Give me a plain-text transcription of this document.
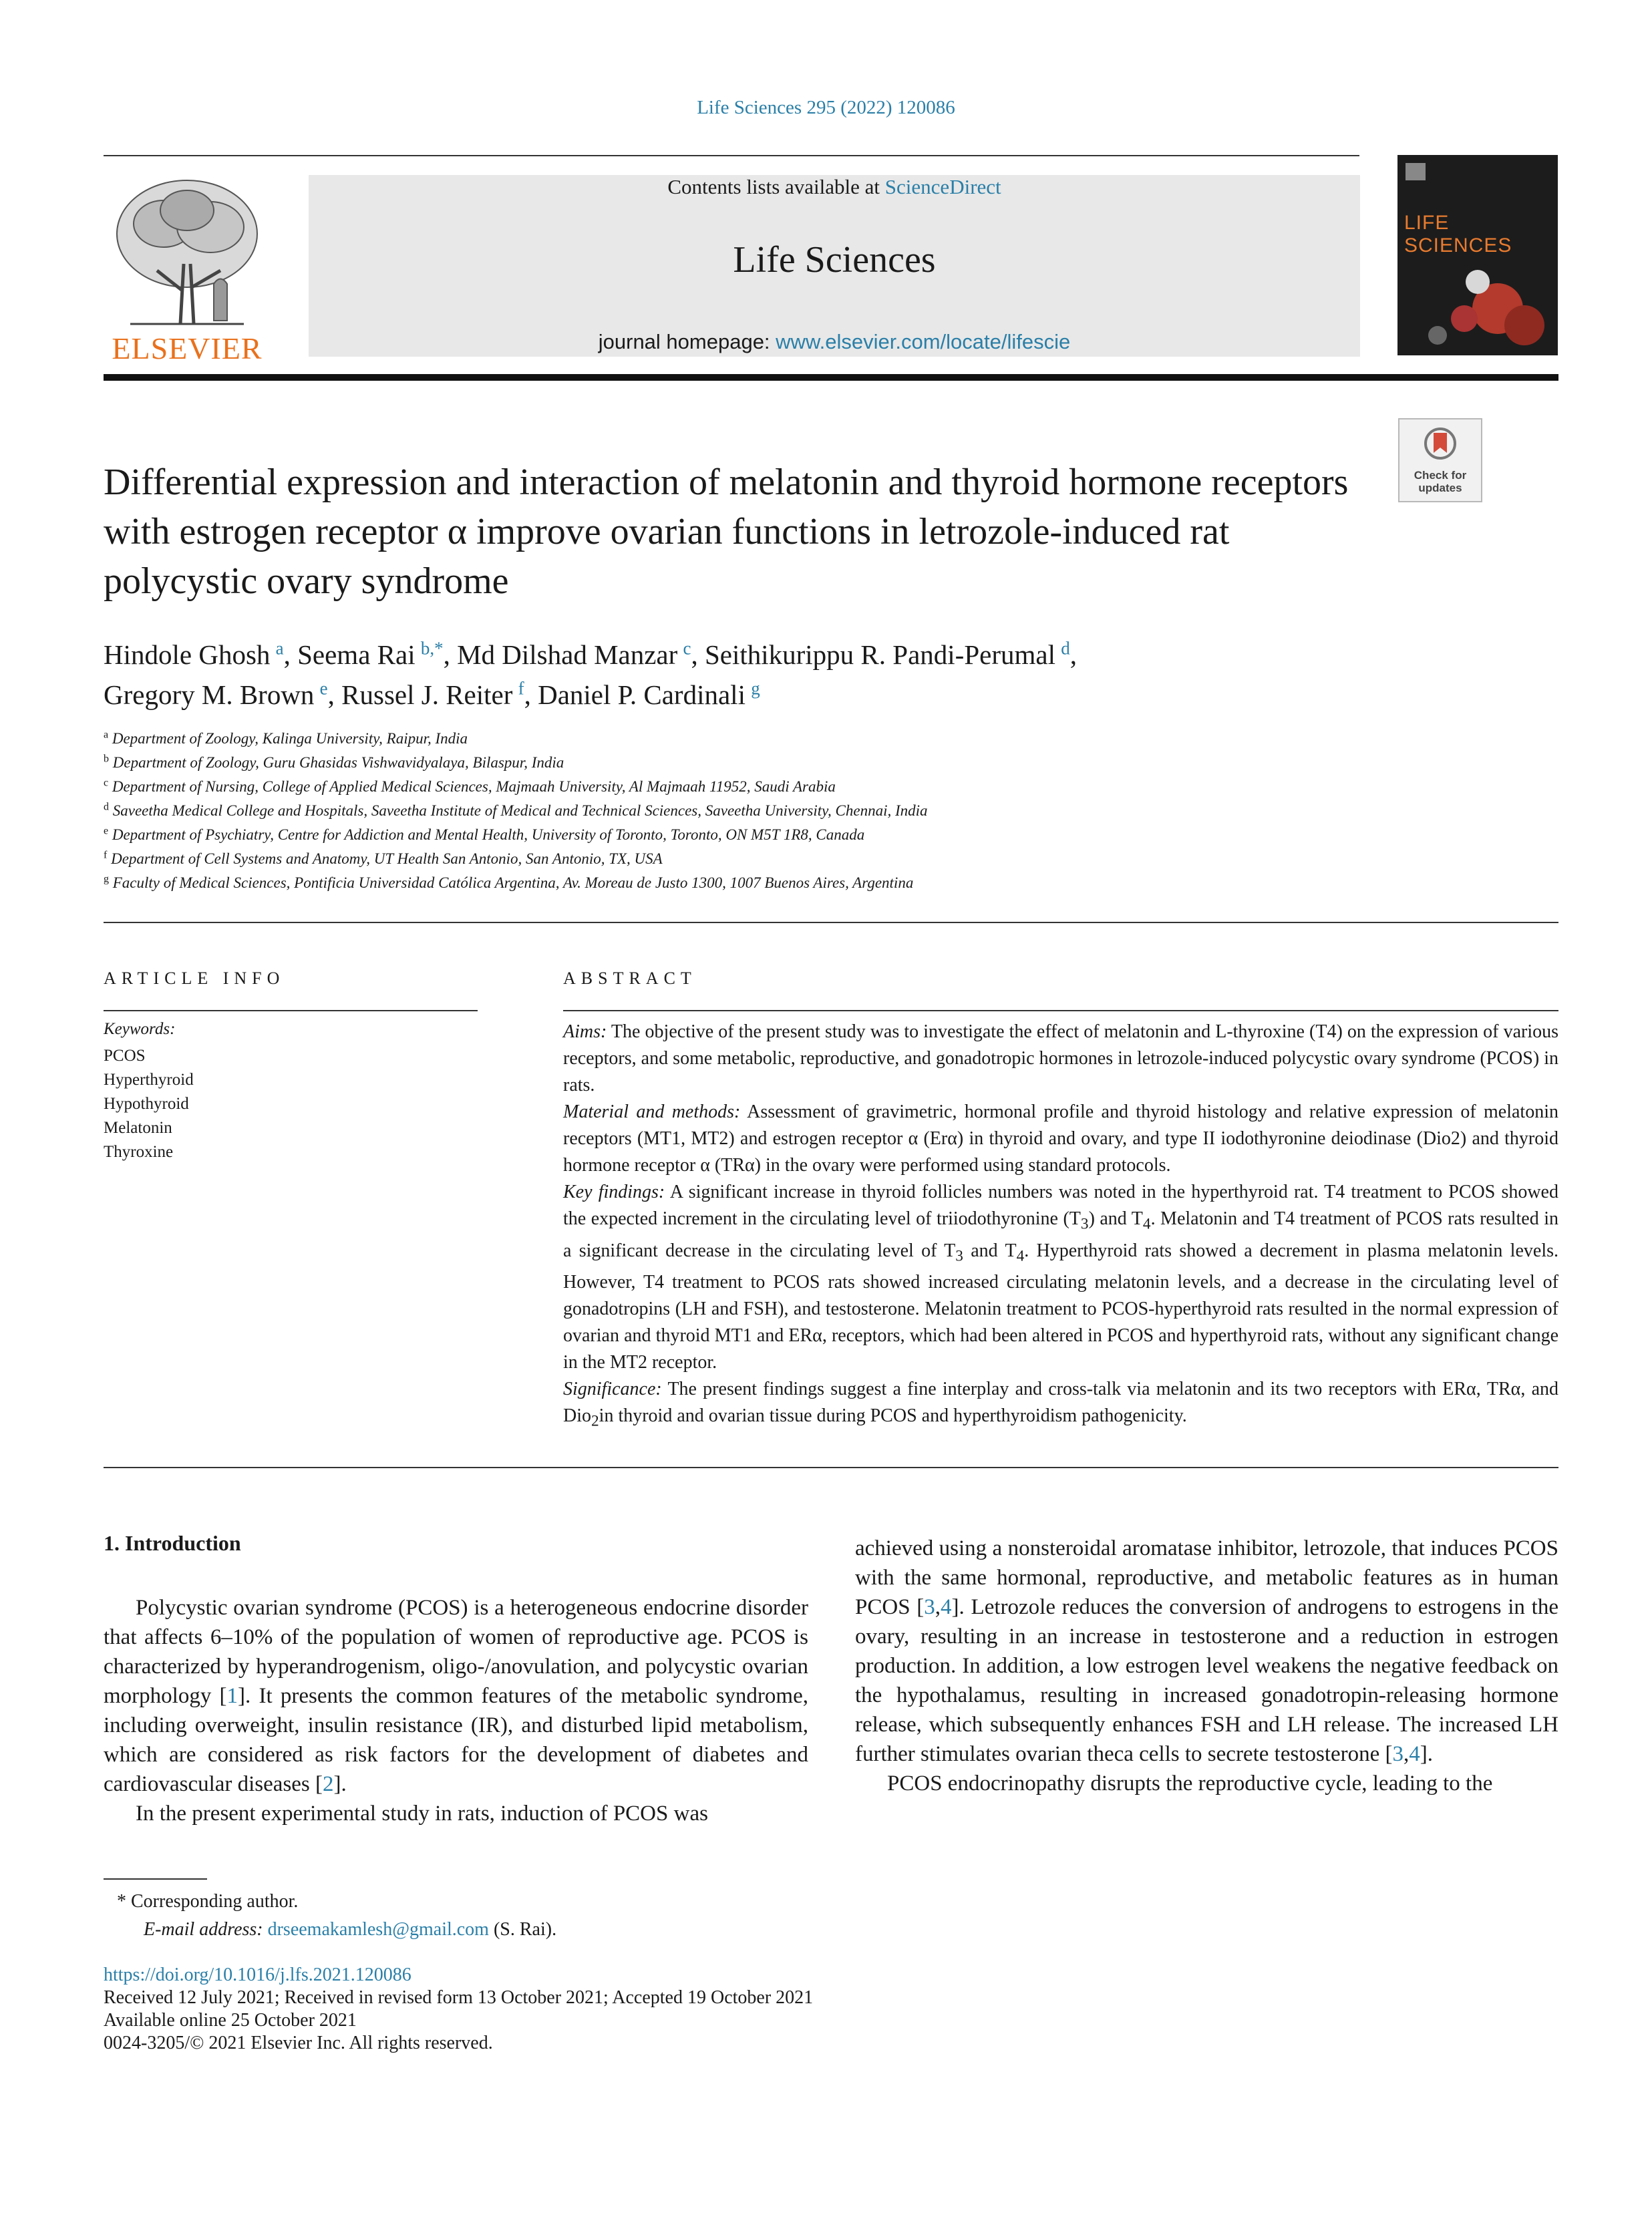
Life Sciences 295 (2022) 120086
ELSEVIER
Contents lists available at ScienceDirect
Life Sciences
journal homepage: www.elsevier.com/locate/lifescie
LIFE SCIENCES
Check for updates
Differential expression and interaction of melatonin and thyroid hormone receptors with estrogen receptor α improve ovarian functions in letrozole-induced rat polycystic ovary syndrome
Hindole Ghosh  $^a$, Seema Rai  $^{b,*}$, Md Dilshad Manzar  $^c$, Seithikurippu R. Pandi-Perumal  $^d$,
Gregory M. Brown  $^e$, Russel J. Reiter  $^f$, Daniel P. Cardinali  $^g$
$^a$ Department of Zoology, Kalinga University, Raipur, India
$^b$ Department of Zoology, Guru Ghasidas Vishwavidyalaya, Bilaspur, India
$^c$ Department of Nursing, College of Applied Medical Sciences, Majmaah University, Al Majmaah 11952, Saudi Arabia
$^d$ Saveetha Medical College and Hospitals, Saveetha Institute of Medical and Technical Sciences, Saveetha University, Chennai, India
$^e$ Department of Psychiatry, Centre for Addiction and Mental Health, University of Toronto, Toronto, ON M5T 1R8, Canada
$^f$ Department of Cell Systems and Anatomy, UT Health San Antonio, San Antonio, TX, USA
$^g$ Faculty of Medical Sciences, Pontificia Universidad Católica Argentina, Av. Moreau de Justo 1300, 1007 Buenos Aires, Argentina
ARTICLE INFO
Keywords:
PCOS
Hyperthyroid
Hypothyroid
Melatonin
Thyroxine
ABSTRACT

Aims: The objective of the present study was to investigate the effect of melatonin and L-thyroxine (T4) on the expression of various receptors, and some metabolic, reproductive, and gonadotropic hormones in letrozole-induced polycystic ovary syndrome (PCOS) in rats.

Material and methods: Assessment of gravimetric, hormonal profile and thyroid histology and relative expression of melatonin receptors (MT1, MT2) and estrogen receptor α (Erα) in thyroid and ovary, and type II iodothyronine deiodinase (Dio2) and thyroid hormone receptor α (TRα) in the ovary were performed using standard protocols.

Key findings: A significant increase in thyroid follicles numbers was noted in the hyperthyroid rat. T4 treatment to PCOS showed the expected increment in the circulating level of triiodothyronine $(T_3)$ and $T_4$. Melatonin and T4 treatment of PCOS rats resulted in a significant decrease in the circulating level of $T_3$ and $T_4$. Hyperthyroid rats showed a decrement in plasma melatonin levels. However, T4 treatment to PCOS rats showed increased circulating melatonin levels, and a decrease in the circulating level of gonadotropins (LH and FSH), and testosterone. Melatonin treatment to PCOS-hyperthyroid rats resulted in the normal expression of ovarian and thyroid MT1 and ERα, receptors, which had been altered in PCOS and hyperthyroid rats, without any significant change in the MT2 receptor.

Significance: The present findings suggest a fine interplay and cross-talk via melatonin and its two receptors with ERα, TRα, and Dio$_2$in thyroid and ovarian tissue during PCOS and hyperthyroidism pathogenicity.

1. Introduction

Polycystic ovarian syndrome (PCOS) is a heterogeneous endocrine disorder that affects 6–10% of the population of women of reproductive age. PCOS is characterized by hyperandrogenism, oligo-/anovulation, and polycystic ovarian morphology [1]. It presents the common features of the metabolic syndrome, including overweight, insulin resistance (IR), and disturbed lipid metabolism, which are considered as risk factors for the development of diabetes and cardiovascular diseases [2].

In the present experimental study in rats, induction of PCOS was

achieved using a nonsteroidal aromatase inhibitor, letrozole, that induces PCOS with the same hormonal, reproductive, and metabolic features as in human PCOS [3,4]. Letrozole reduces the conversion of androgens to estrogens in the ovary, resulting in an increase in testosterone and a reduction in estrogen production. In addition, a low estrogen level weakens the negative feedback on the hypothalamus, resulting in increased gonadotropin-releasing hormone release, which subsequently enhances FSH and LH release. The increased LH further stimulates ovarian theca cells to secrete testosterone [3,4].

PCOS endocrinopathy disrupts the reproductive cycle, leading to the

* Corresponding author.
E-mail address: drseemakamlesh@gmail.com (S. Rai).
https://doi.org/10.1016/j.lfs.2021.120086
Received 12 July 2021; Received in revised form 13 October 2021; Accepted 19 October 2021
Available online 25 October 2021
0024-3205/© 2021 Elsevier Inc. All rights reserved.
